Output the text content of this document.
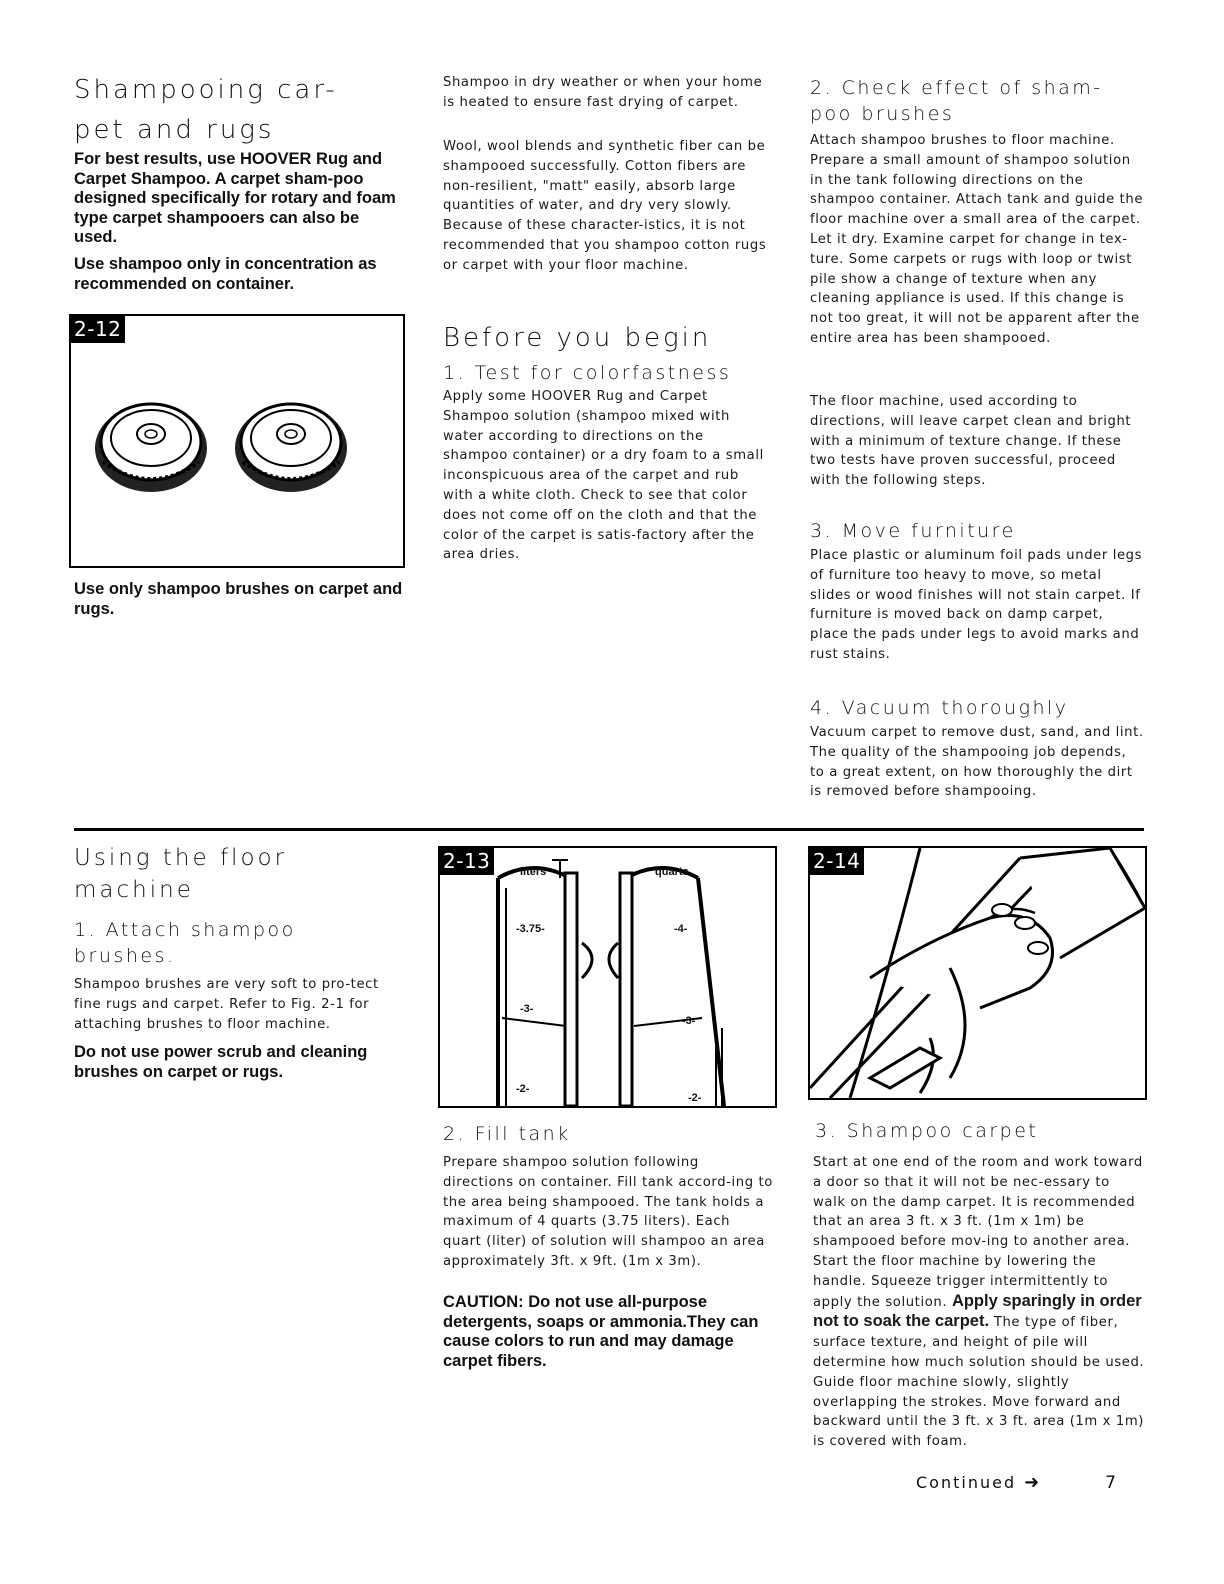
Shampooing car-
pet and rugs

For best results, use HOOVER Rug and Carpet Shampoo. A carpet sham-poo designed specifically for rotary and foam type carpet shampooers can also be used.

Use shampoo only in concentration as recommended on container.

2-12

Use only shampoo brushes on carpet and rugs.

Shampoo in dry weather or when your home is heated to ensure fast drying of carpet.

Wool, wool blends and synthetic fiber can be shampooed successfully. Cotton fibers are non-resilient, "matt" easily, absorb large quantities of water, and dry very slowly. Because of these character-istics, it is not recommended that you shampoo cotton rugs or carpet with your floor machine.

Before you begin
1. Test for colorfastness

Apply some HOOVER Rug and Carpet Shampoo solution (shampoo mixed with water according to directions on the shampoo container) or a dry foam to a small inconspicuous area of the carpet and rub with a white cloth. Check to see that color does not come off on the cloth and that the color of the carpet is satis-factory after the area dries.

2. Check effect of sham-
poo brushes

Attach shampoo brushes to floor machine. Prepare a small amount of shampoo solution in the tank following directions on the shampoo container. Attach tank and guide the floor machine over a small area of the carpet. Let it dry. Examine carpet for change in tex-ture. Some carpets or rugs with loop or twist pile show a change of texture when any cleaning appliance is used. If this change is not too great, it will not be apparent after the entire area has been shampooed.

The floor machine, used according to directions, will leave carpet clean and bright with a minimum of texture change. If these two tests have proven successful, proceed with the following steps.

3. Move furniture

Place plastic or aluminum foil pads under legs of furniture too heavy to move, so metal slides or wood finishes will not stain carpet. If furniture is moved back on damp carpet, place the pads under legs to avoid marks and rust stains.

4. Vacuum thoroughly

Vacuum carpet to remove dust, sand, and lint. The quality of the shampooing job depends, to a great extent, on how thoroughly the dirt is removed before shampooing.

Using the floor
machine
1. Attach shampoo
brushes.

Shampoo brushes are very soft to pro-tect fine rugs and carpet. Refer to Fig. 2-1 for attaching brushes to floor machine.

Do not use power scrub and cleaning brushes on carpet or rugs.

2-13	liters	quarts
-3.75-
-3-
-2-
-4-
-3-
-2-
2. Fill tank

Prepare shampoo solution following directions on container. Fill tank accord-ing to the area being shampooed. The tank holds a maximum of 4 quarts (3.75 liters). Each quart (liter) of solution will shampoo an area approximately 3ft. x 9ft. (1m x 3m).

CAUTION: Do not use all-purpose detergents, soaps or ammonia.They can cause colors to run and may damage carpet fibers.

2-14
3. Shampoo carpet

Start at one end of the room and work toward a door so that it will not be nec-essary to walk on the damp carpet. It is recommended that an area 3 ft. x 3 ft. (1m x 1m) be shampooed before mov-ing to another area. Start the floor machine by lowering the handle. Squeeze trigger intermittently to apply the solution. Apply sparingly in order not to soak the carpet. The type of fiber, surface texture, and height of pile will determine how much solution should be used. Guide floor machine slowly, slightly overlapping the strokes. Move forward and backward until the 3 ft. x 3 ft. area (1m x 1m) is covered with foam.

Continued ➜	7
